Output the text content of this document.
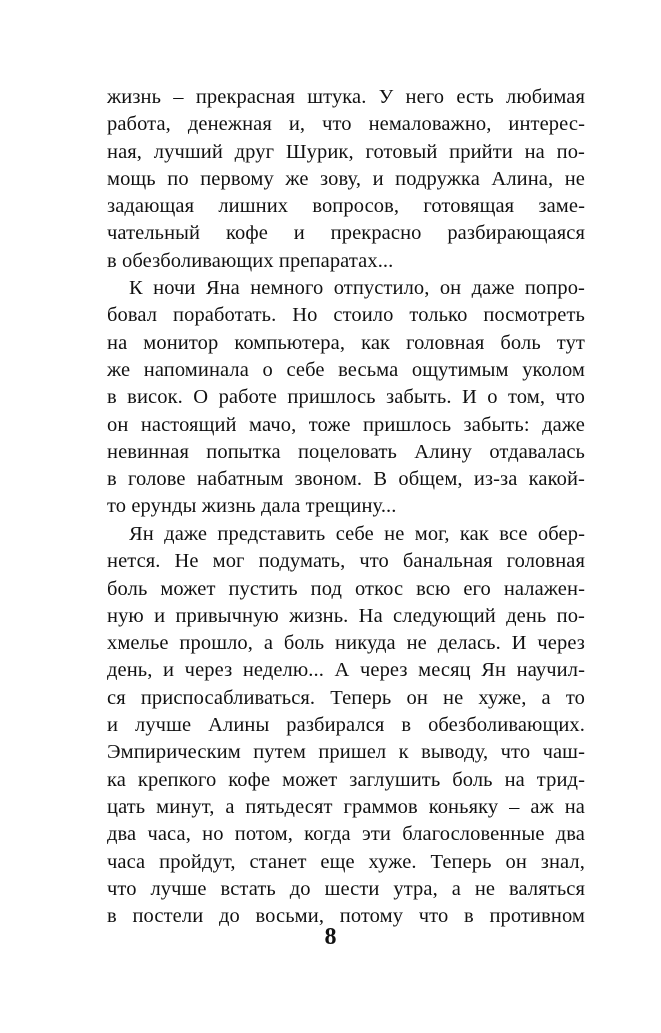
жизнь – прекрасная штука. У него есть любимая
работа, денежная и, что немаловажно, интерес-
ная, лучший друг Шурик, готовый прийти на по-
мощь по первому же зову, и подружка Алина, не
задающая лишних вопросов, готовящая заме-
чательный кофе и прекрасно разбирающаяся
в обезболивающих препаратах...
К ночи Яна немного отпустило, он даже попро-
бовал поработать. Но стоило только посмотреть
на монитор компьютера, как головная боль тут
же напоминала о себе весьма ощутимым уколом
в висок. О работе пришлось забыть. И о том, что
он настоящий мачо, тоже пришлось забыть: даже
невинная попытка поцеловать Алину отдавалась
в голове набатным звоном. В общем, из-за какой-
то ерунды жизнь дала трещину...
Ян даже представить себе не мог, как все обер-
нется. Не мог подумать, что банальная головная
боль может пустить под откос всю его налажен-
ную и привычную жизнь. На следующий день по-
хмелье прошло, а боль никуда не делась. И через
день, и через неделю... А через месяц Ян научил-
ся приспосабливаться. Теперь он не хуже, а то
и лучше Алины разбирался в обезболивающих.
Эмпирическим путем пришел к выводу, что чаш-
ка крепкого кофе может заглушить боль на трид-
цать минут, а пятьдесят граммов коньяку – аж на
два часа, но потом, когда эти благословенные два
часа пройдут, станет еще хуже. Теперь он знал,
что лучше встать до шести утра, а не валяться
в постели до восьми, потому что в противном
8
